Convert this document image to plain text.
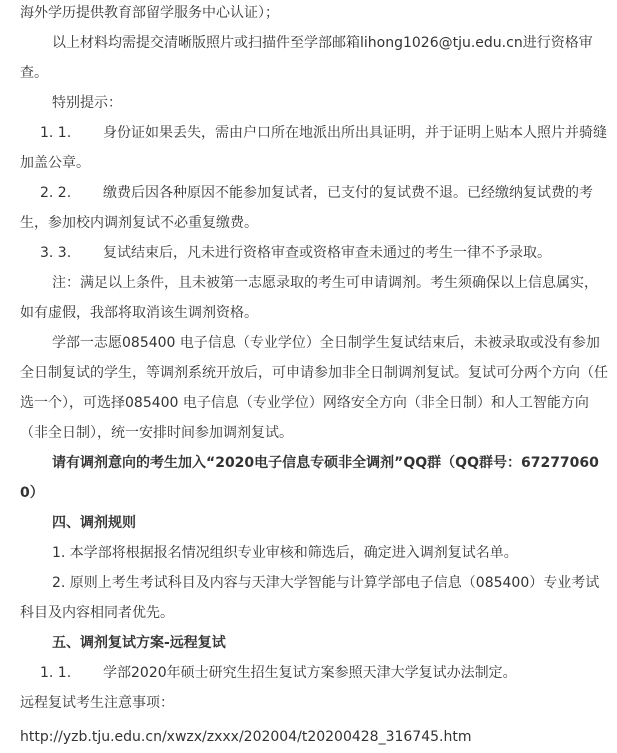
海外学历提供教育部留学服务中心认证）；

以上材料均需提交清晰版照片或扫描件至学部邮箱lihong1026@tju.edu.cn进行资格审查。

特别提示：

1. 1. 身份证如果丢失，需由户口所在地派出所出具证明，并于证明上贴本人照片并骑缝加盖公章。

2. 2. 缴费后因各种原因不能参加复试者，已支付的复试费不退。已经缴纳复试费的考生，参加校内调剂复试不必重复缴费。

3. 3. 复试结束后，凡未进行资格审查或资格审查未通过的考生一律不予录取。

注：满足以上条件，且未被第一志愿录取的考生可申请调剂。考生须确保以上信息属实，如有虚假，我部将取消该生调剂资格。

学部一志愿085400 电子信息（专业学位）全日制学生复试结束后，未被录取或没有参加全日制复试的学生，等调剂系统开放后，可申请参加非全日制调剂复试。复试可分两个方向（任选一个），可选择085400 电子信息（专业学位）网络安全方向（非全日制）和人工智能方向（非全日制），统一安排时间参加调剂复试。

请有调剂意向的考生加入“2020电子信息专硕非全调剂”QQ群（QQ群号：672770600）

四、调剂规则

1. 本学部将根据报名情况组织专业审核和筛选后，确定进入调剂复试名单。

2. 原则上考生考试科目及内容与天津大学智能与计算学部电子信息（085400）专业考试科目及内容相同者优先。

五、调剂复试方案-远程复试

1. 1. 学部2020年硕士研究生招生复试方案参照天津大学复试办法制定。

远程复试考生注意事项：

http://yzb.tju.edu.cn/xwzx/zxxx/202004/t20200428_316745.htm
